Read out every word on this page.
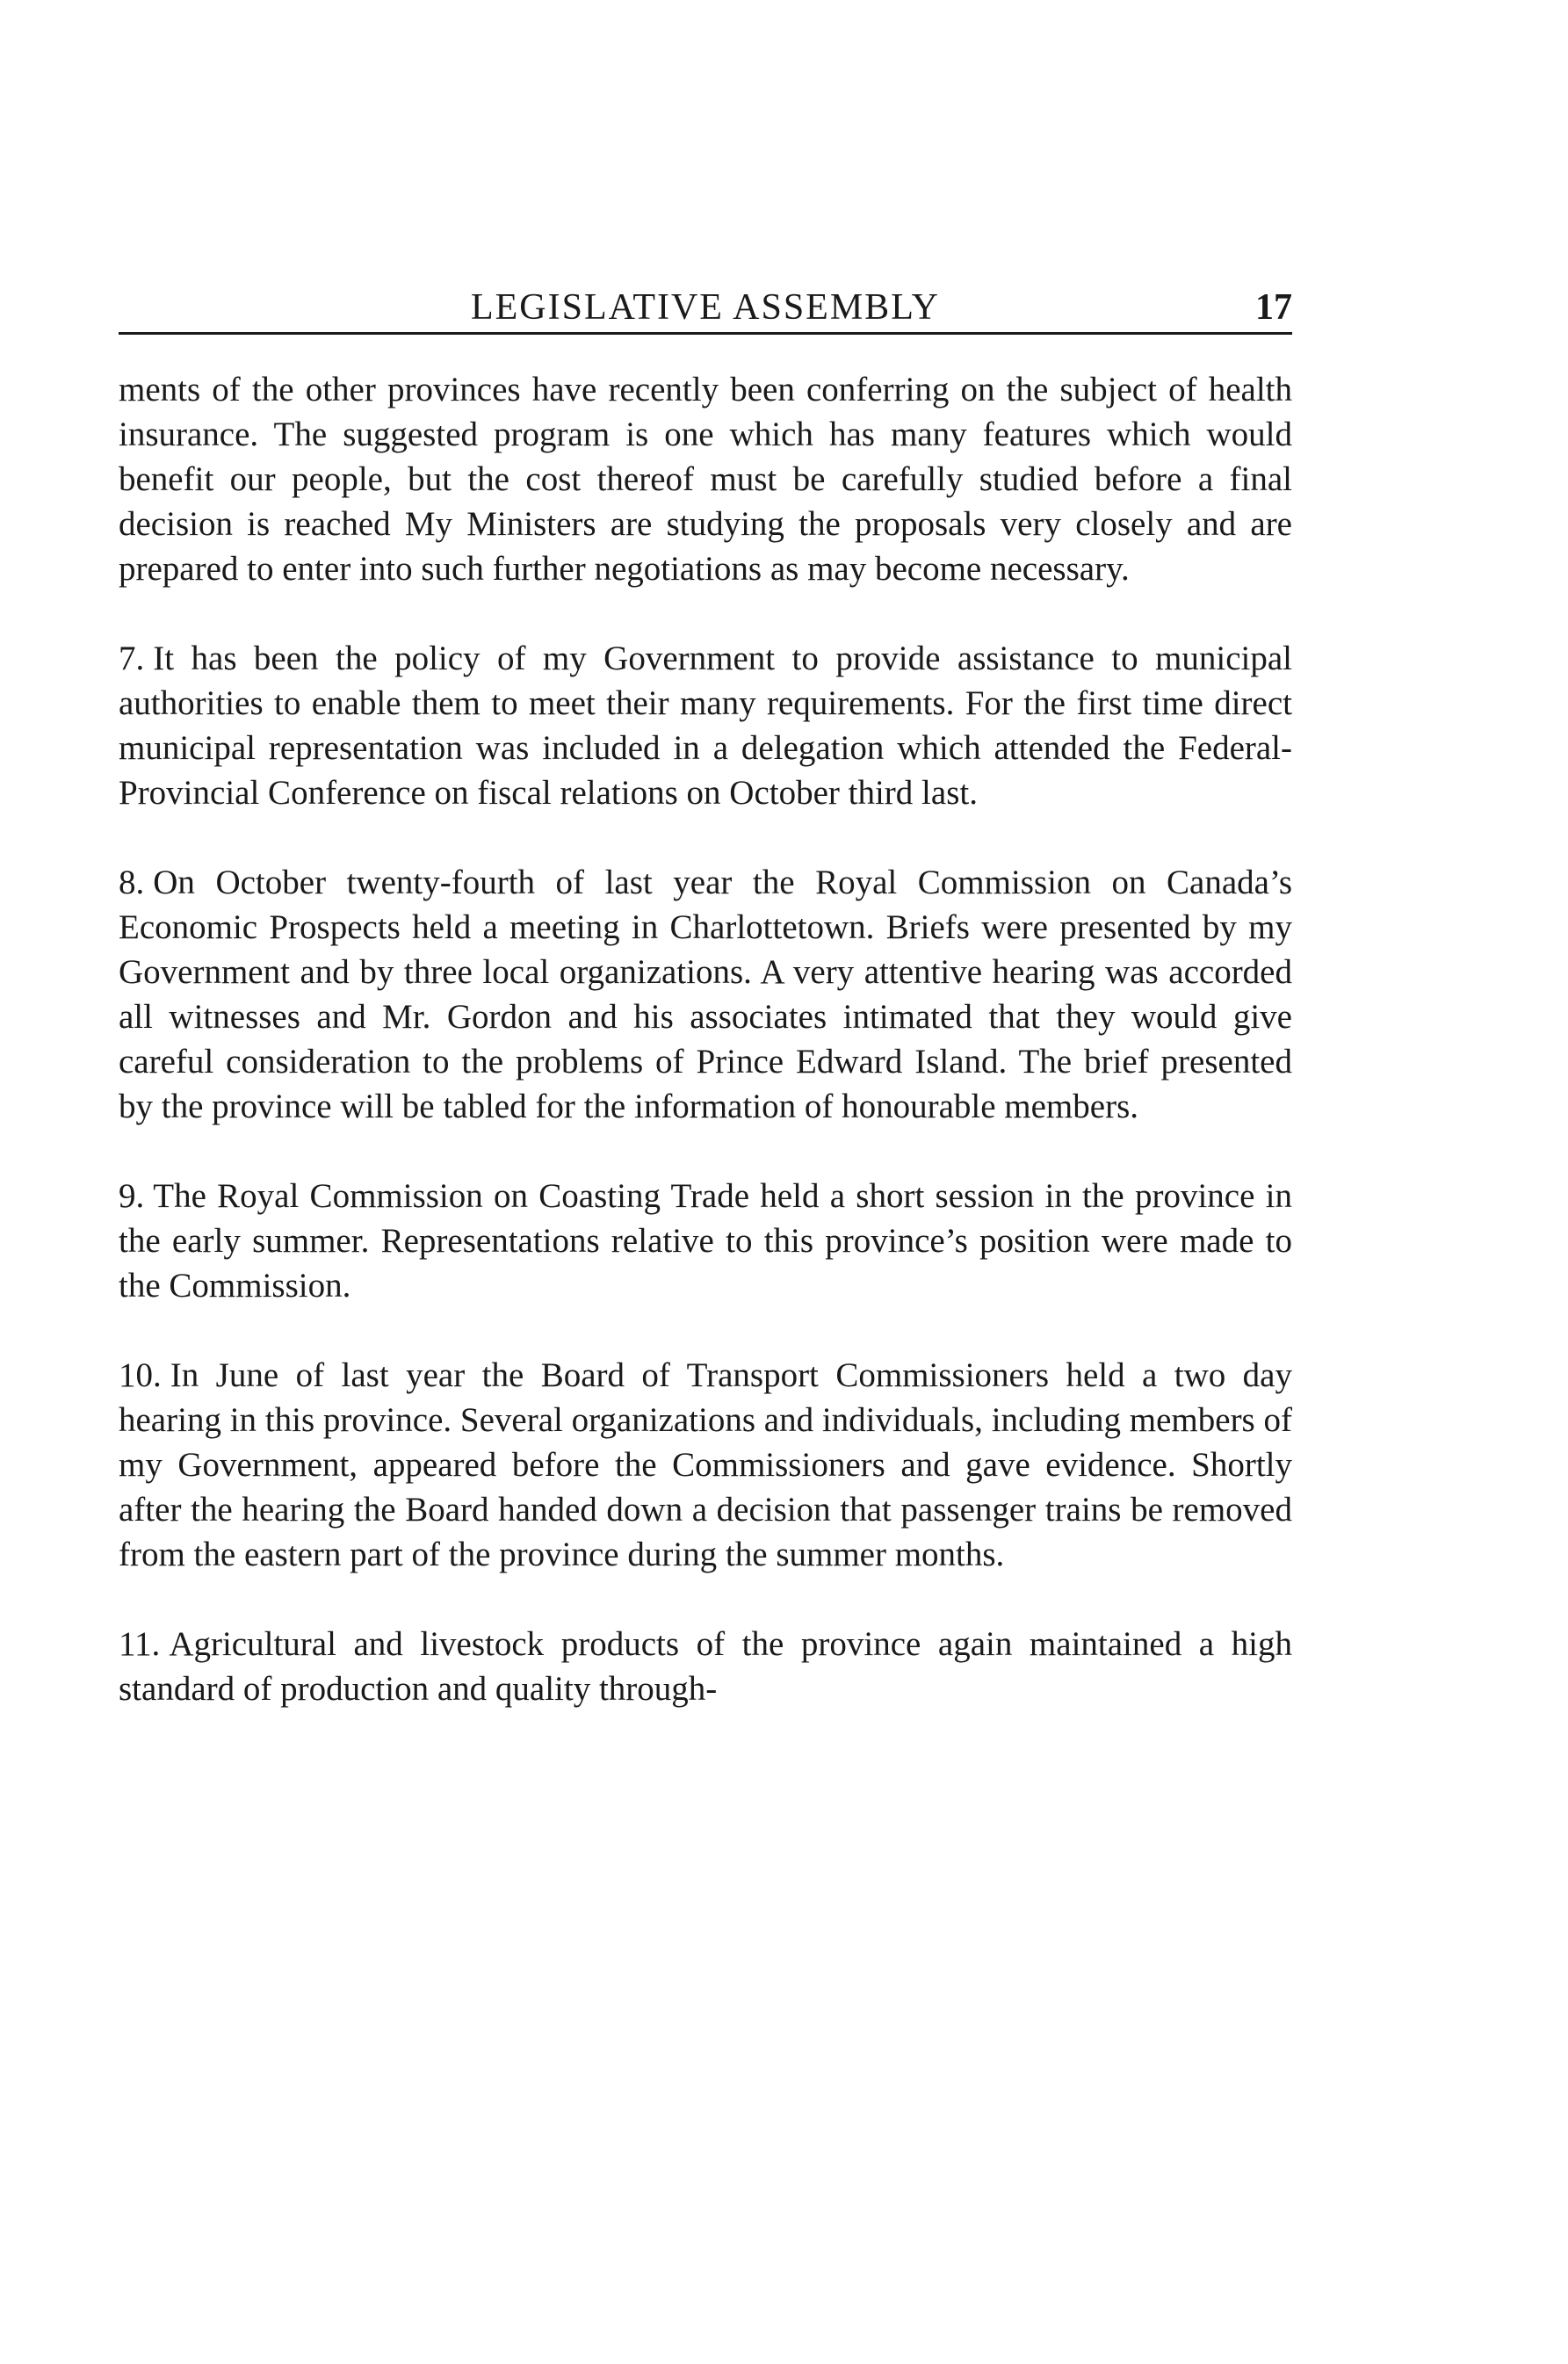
LEGISLATIVE ASSEMBLY	17

ments of the other provinces have recently been conferring on the subject of health insurance. The suggested program is one which has many features which would benefit our people, but the cost thereof must be carefully studied before a final decision is reached My Ministers are studying the proposals very closely and are prepared to enter into such further negotiations as may become necessary.

7. It has been the policy of my Government to provide assistance to municipal authorities to enable them to meet their many requirements. For the first time direct municipal representation was included in a delegation which attended the Federal-Provincial Conference on fiscal relations on October third last.

8. On October twenty-fourth of last year the Royal Commission on Canada’s Economic Prospects held a meeting in Charlottetown. Briefs were presented by my Government and by three local organizations. A very attentive hearing was accorded all witnesses and Mr. Gordon and his associates intimated that they would give careful consideration to the problems of Prince Edward Island. The brief presented by the province will be tabled for the information of honourable members.

9. The Royal Commission on Coasting Trade held a short session in the province in the early summer. Representations relative to this province’s position were made to the Commission.

10. In June of last year the Board of Transport Commissioners held a two day hearing in this province. Several organizations and individuals, including members of my Government, appeared before the Commissioners and gave evidence. Shortly after the hearing the Board handed down a decision that passenger trains be removed from the eastern part of the province during the summer months.

11. Agricultural and livestock products of the province again maintained a high standard of production and quality through-
